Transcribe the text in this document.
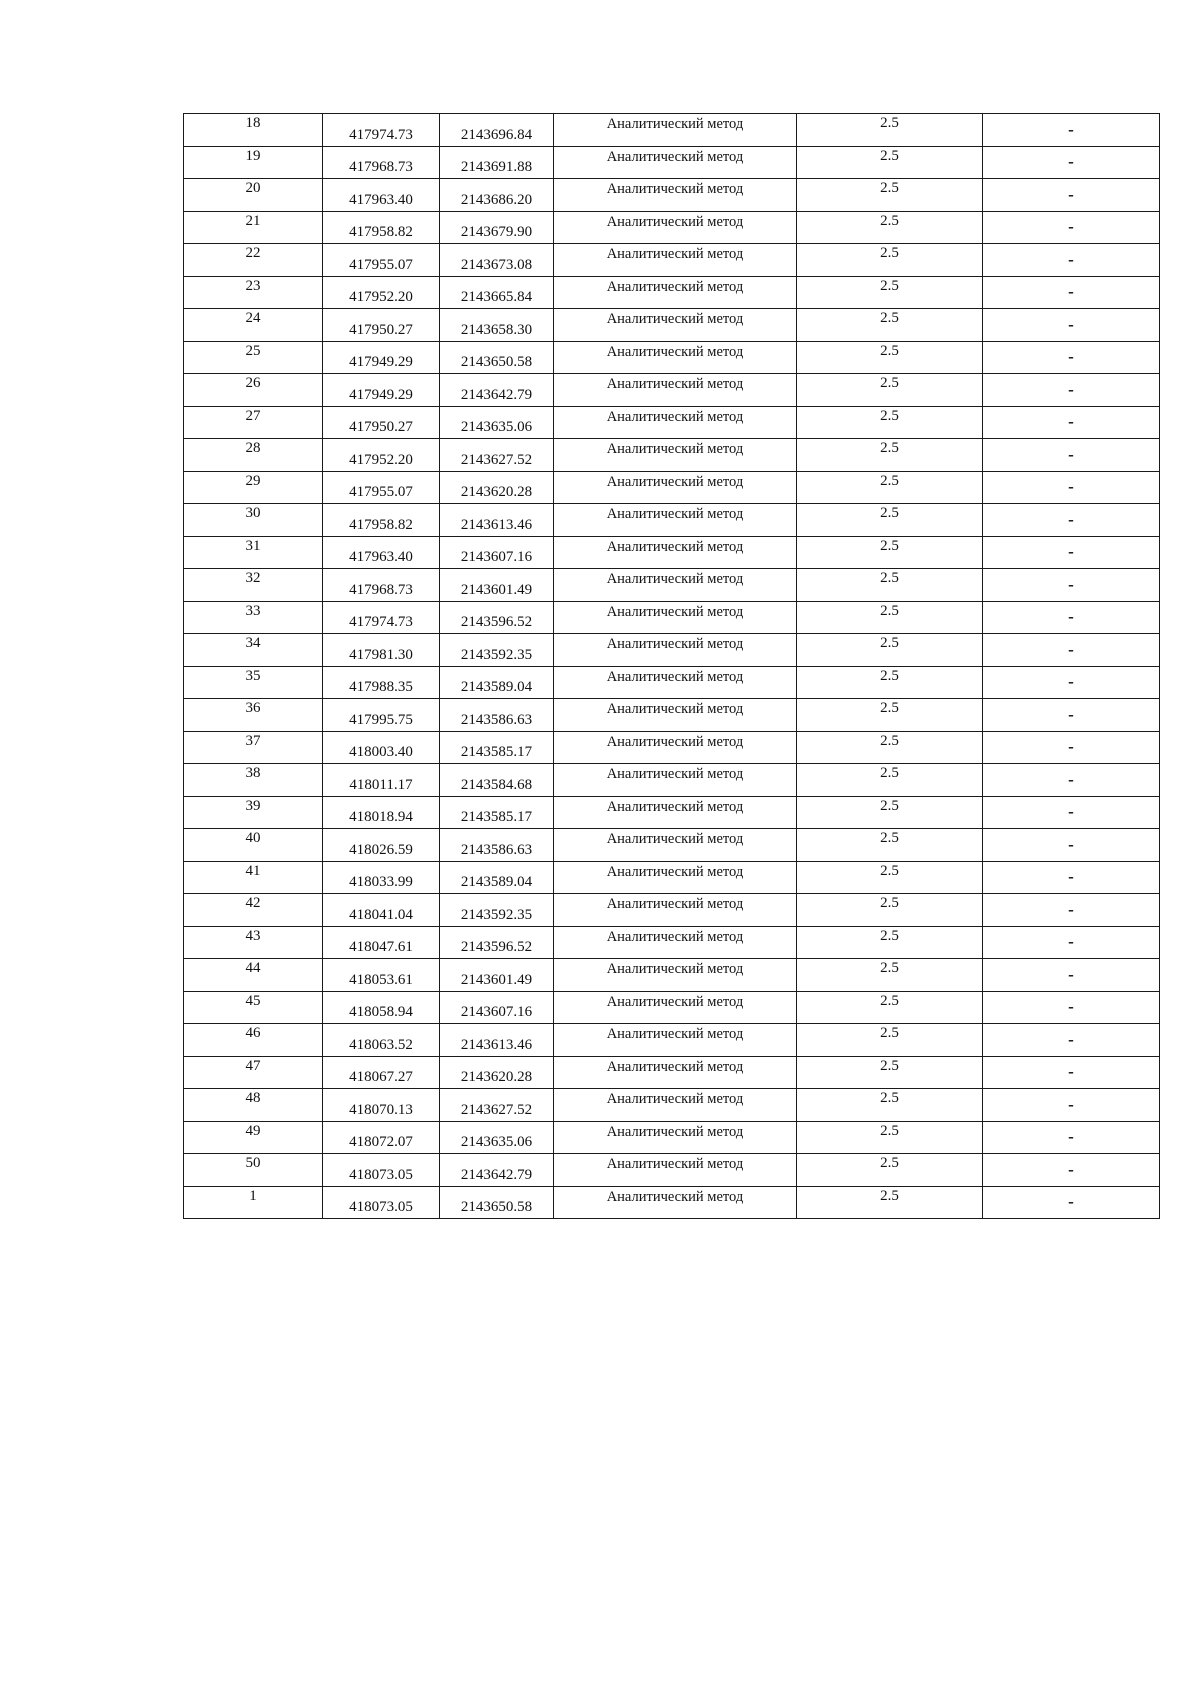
18	417974.73	2143696.84	Аналитический метод	2.5	-
19	417968.73	2143691.88	Аналитический метод	2.5	-
20	417963.40	2143686.20	Аналитический метод	2.5	-
21	417958.82	2143679.90	Аналитический метод	2.5	-
22	417955.07	2143673.08	Аналитический метод	2.5	-
23	417952.20	2143665.84	Аналитический метод	2.5	-
24	417950.27	2143658.30	Аналитический метод	2.5	-
25	417949.29	2143650.58	Аналитический метод	2.5	-
26	417949.29	2143642.79	Аналитический метод	2.5	-
27	417950.27	2143635.06	Аналитический метод	2.5	-
28	417952.20	2143627.52	Аналитический метод	2.5	-
29	417955.07	2143620.28	Аналитический метод	2.5	-
30	417958.82	2143613.46	Аналитический метод	2.5	-
31	417963.40	2143607.16	Аналитический метод	2.5	-
32	417968.73	2143601.49	Аналитический метод	2.5	-
33	417974.73	2143596.52	Аналитический метод	2.5	-
34	417981.30	2143592.35	Аналитический метод	2.5	-
35	417988.35	2143589.04	Аналитический метод	2.5	-
36	417995.75	2143586.63	Аналитический метод	2.5	-
37	418003.40	2143585.17	Аналитический метод	2.5	-
38	418011.17	2143584.68	Аналитический метод	2.5	-
39	418018.94	2143585.17	Аналитический метод	2.5	-
40	418026.59	2143586.63	Аналитический метод	2.5	-
41	418033.99	2143589.04	Аналитический метод	2.5	-
42	418041.04	2143592.35	Аналитический метод	2.5	-
43	418047.61	2143596.52	Аналитический метод	2.5	-
44	418053.61	2143601.49	Аналитический метод	2.5	-
45	418058.94	2143607.16	Аналитический метод	2.5	-
46	418063.52	2143613.46	Аналитический метод	2.5	-
47	418067.27	2143620.28	Аналитический метод	2.5	-
48	418070.13	2143627.52	Аналитический метод	2.5	-
49	418072.07	2143635.06	Аналитический метод	2.5	-
50	418073.05	2143642.79	Аналитический метод	2.5	-
1	418073.05	2143650.58	Аналитический метод	2.5	-
